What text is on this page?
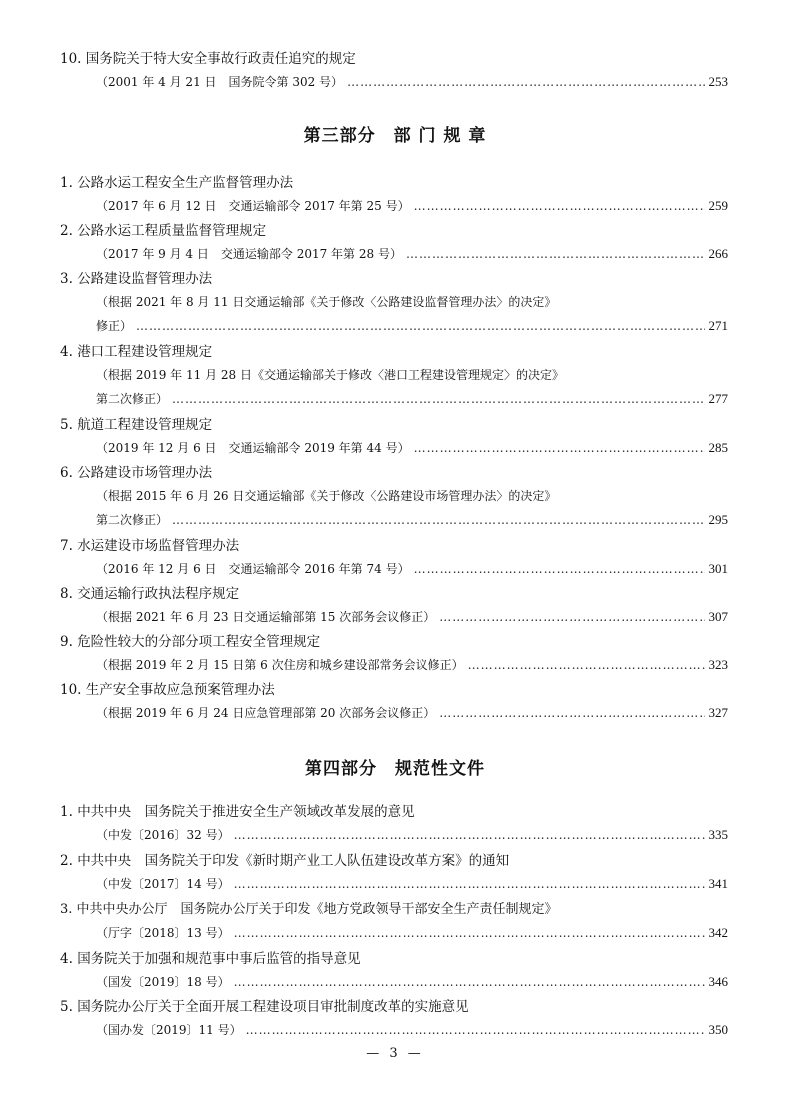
10. 国务院关于特大安全事故行政责任追究的规定
（2001 年 4 月 21 日　国务院令第 302 号） …………………………………………………………………………………………………………………………………………………………………………………	253
第三部分　部 门 规 章
1. 公路水运工程安全生产监督管理办法
（2017 年 6 月 12 日　交通运输部令 2017 年第 25 号） …………………………………………………………………………………………………………………………………………………………………………………	259
2. 公路水运工程质量监督管理规定
（2017 年 9 月 4 日　交通运输部令 2017 年第 28 号） …………………………………………………………………………………………………………………………………………………………………………………	266
3. 公路建设监督管理办法
（根据 2021 年 8 月 11 日交通运输部《关于修改〈公路建设监督管理办法〉的决定》
修正） …………………………………………………………………………………………………………………………………………………………………………………	271
4. 港口工程建设管理规定
（根据 2019 年 11 月 28 日《交通运输部关于修改〈港口工程建设管理规定〉的决定》
第二次修正） …………………………………………………………………………………………………………………………………………………………………………………	277
5. 航道工程建设管理规定
（2019 年 12 月 6 日　交通运输部令 2019 年第 44 号） …………………………………………………………………………………………………………………………………………………………………………………	285
6. 公路建设市场管理办法
（根据 2015 年 6 月 26 日交通运输部《关于修改〈公路建设市场管理办法〉的决定》
第二次修正） …………………………………………………………………………………………………………………………………………………………………………………	295
7. 水运建设市场监督管理办法
（2016 年 12 月 6 日　交通运输部令 2016 年第 74 号） …………………………………………………………………………………………………………………………………………………………………………………	301
8. 交通运输行政执法程序规定
（根据 2021 年 6 月 23 日交通运输部第 15 次部务会议修正） …………………………………………………………………………………………………………………………………………………………………………………	307
9. 危险性较大的分部分项工程安全管理规定
（根据 2019 年 2 月 15 日第 6 次住房和城乡建设部常务会议修正） …………………………………………………………………………………………………………………………………………………………………………………	323
10. 生产安全事故应急预案管理办法
（根据 2019 年 6 月 24 日应急管理部第 20 次部务会议修正） …………………………………………………………………………………………………………………………………………………………………………………	327
第四部分　规范性文件
1. 中共中央　国务院关于推进安全生产领域改革发展的意见
（中发〔2016〕32 号） …………………………………………………………………………………………………………………………………………………………………………………	335
2. 中共中央　国务院关于印发《新时期产业工人队伍建设改革方案》的通知
（中发〔2017〕14 号） …………………………………………………………………………………………………………………………………………………………………………………	341
3. 中共中央办公厅　国务院办公厅关于印发《地方党政领导干部安全生产责任制规定》
（厅字〔2018〕13 号） …………………………………………………………………………………………………………………………………………………………………………………	342
4. 国务院关于加强和规范事中事后监管的指导意见
（国发〔2019〕18 号） …………………………………………………………………………………………………………………………………………………………………………………	346
5. 国务院办公厅关于全面开展工程建设项目审批制度改革的实施意见
（国办发〔2019〕11 号） …………………………………………………………………………………………………………………………………………………………………………………	350
— 3 —
